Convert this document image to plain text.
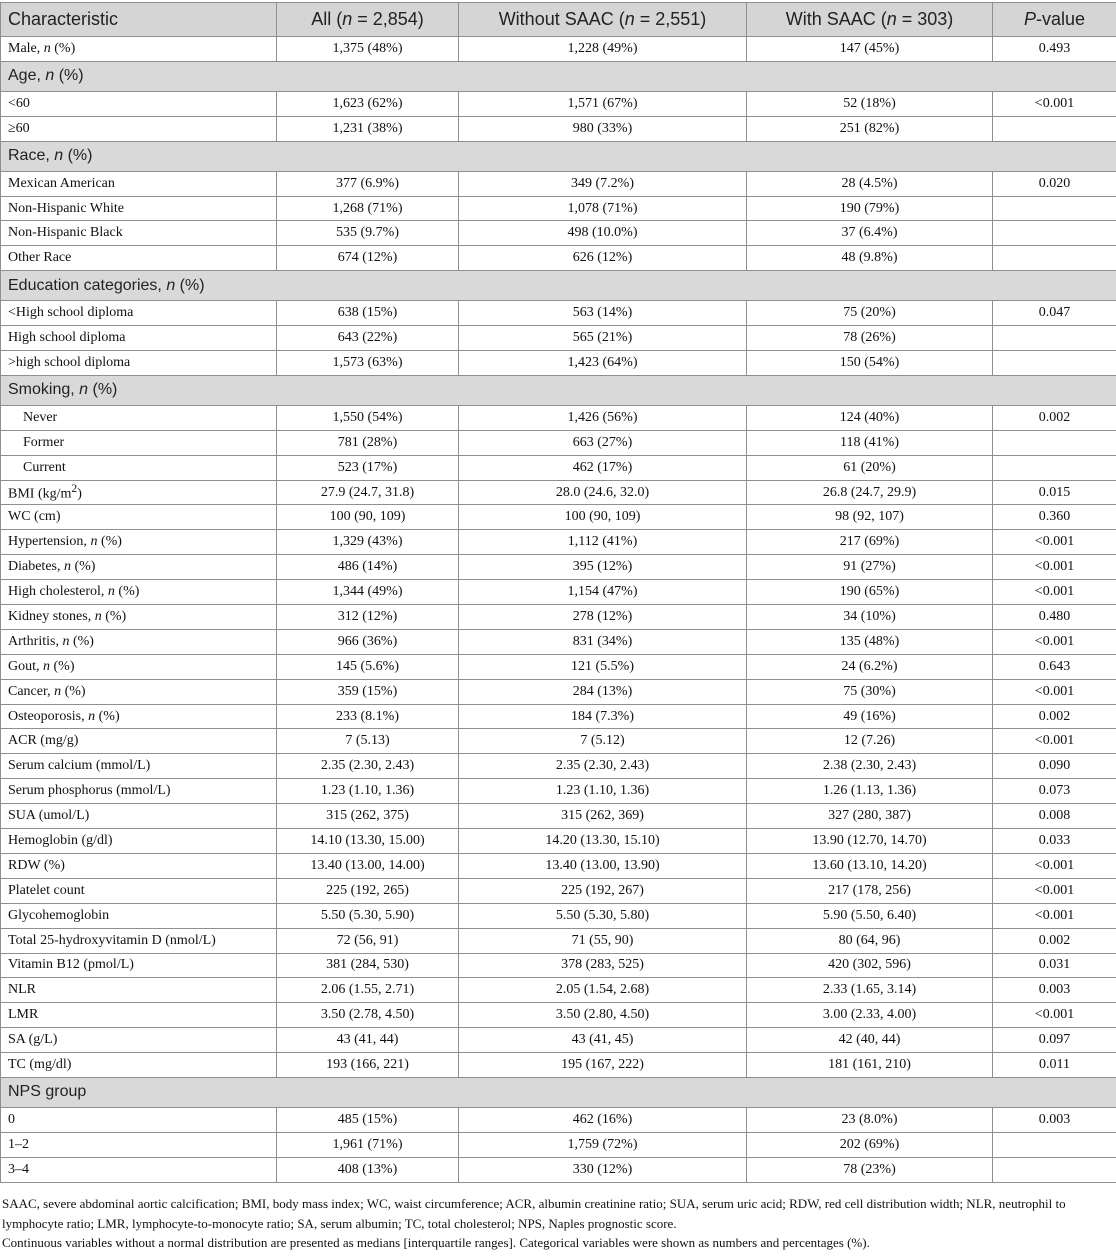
Characteristic	All (n = 2,854)	Without SAAC (n = 2,551)	With SAAC (n = 303)	P-value
Male, n (%)	1,375 (48%)	1,228 (49%)	147 (45%)	0.493
Age, n (%)				
<60	1,623 (62%)	1,571 (67%)	52 (18%)	<0.001
≥60	1,231 (38%)	980 (33%)	251 (82%)	
Race, n (%)				
Mexican American	377 (6.9%)	349 (7.2%)	28 (4.5%)	0.020
Non-Hispanic White	1,268 (71%)	1,078 (71%)	190 (79%)	
Non-Hispanic Black	535 (9.7%)	498 (10.0%)	37 (6.4%)	
Other Race	674 (12%)	626 (12%)	48 (9.8%)	
Education categories, n (%)				
<High school diploma	638 (15%)	563 (14%)	75 (20%)	0.047
High school diploma	643 (22%)	565 (21%)	78 (26%)	
>high school diploma	1,573 (63%)	1,423 (64%)	150 (54%)	
Smoking, n (%)				
Never	1,550 (54%)	1,426 (56%)	124 (40%)	0.002
Former	781 (28%)	663 (27%)	118 (41%)	
Current	523 (17%)	462 (17%)	61 (20%)	
BMI $(kg/m^2)$	27.9 (24.7, 31.8)	28.0 (24.6, 32.0)	26.8 (24.7, 29.9)	0.015
WC (cm)	100 (90, 109)	100 (90, 109)	98 (92, 107)	0.360
Hypertension, n (%)	1,329 (43%)	1,112 (41%)	217 (69%)	<0.001
Diabetes, n (%)	486 (14%)	395 (12%)	91 (27%)	<0.001
High cholesterol, n (%)	1,344 (49%)	1,154 (47%)	190 (65%)	<0.001
Kidney stones, n (%)	312 (12%)	278 (12%)	34 (10%)	0.480
Arthritis, n (%)	966 (36%)	831 (34%)	135 (48%)	<0.001
Gout, n (%)	145 (5.6%)	121 (5.5%)	24 (6.2%)	0.643
Cancer, n (%)	359 (15%)	284 (13%)	75 (30%)	<0.001
Osteoporosis, n (%)	233 (8.1%)	184 (7.3%)	49 (16%)	0.002
ACR (mg/g)	7 (5.13)	7 (5.12)	12 (7.26)	<0.001
Serum calcium (mmol/L)	2.35 (2.30, 2.43)	2.35 (2.30, 2.43)	2.38 (2.30, 2.43)	0.090
Serum phosphorus (mmol/L)	1.23 (1.10, 1.36)	1.23 (1.10, 1.36)	1.26 (1.13, 1.36)	0.073
SUA (umol/L)	315 (262, 375)	315 (262, 369)	327 (280, 387)	0.008
Hemoglobin (g/dl)	14.10 (13.30, 15.00)	14.20 (13.30, 15.10)	13.90 (12.70, 14.70)	0.033
RDW (%)	13.40 (13.00, 14.00)	13.40 (13.00, 13.90)	13.60 (13.10, 14.20)	<0.001
Platelet count	225 (192, 265)	225 (192, 267)	217 (178, 256)	<0.001
Glycohemoglobin	5.50 (5.30, 5.90)	5.50 (5.30, 5.80)	5.90 (5.50, 6.40)	<0.001
Total 25-hydroxyvitamin D (nmol/L)	72 (56, 91)	71 (55, 90)	80 (64, 96)	0.002
Vitamin B12 (pmol/L)	381 (284, 530)	378 (283, 525)	420 (302, 596)	0.031
NLR	2.06 (1.55, 2.71)	2.05 (1.54, 2.68)	2.33 (1.65, 3.14)	0.003
LMR	3.50 (2.78, 4.50)	3.50 (2.80, 4.50)	3.00 (2.33, 4.00)	<0.001
SA (g/L)	43 (41, 44)	43 (41, 45)	42 (40, 44)	0.097
TC (mg/dl)	193 (166, 221)	195 (167, 222)	181 (161, 210)	0.011
NPS group				
0	485 (15%)	462 (16%)	23 (8.0%)	0.003
1–2	1,961 (71%)	1,759 (72%)	202 (69%)	
3–4	408 (13%)	330 (12%)	78 (23%)	

SAAC, severe abdominal aortic calcification; BMI, body mass index; WC, waist circumference; ACR, albumin creatinine ratio; SUA, serum uric acid; RDW, red cell distribution width; NLR, neutrophil to lymphocyte ratio; LMR, lymphocyte-to-monocyte ratio; SA, serum albumin; TC, total cholesterol; NPS, Naples prognostic score.

Continuous variables without a normal distribution are presented as medians [interquartile ranges]. Categorical variables were shown as numbers and percentages (%).
